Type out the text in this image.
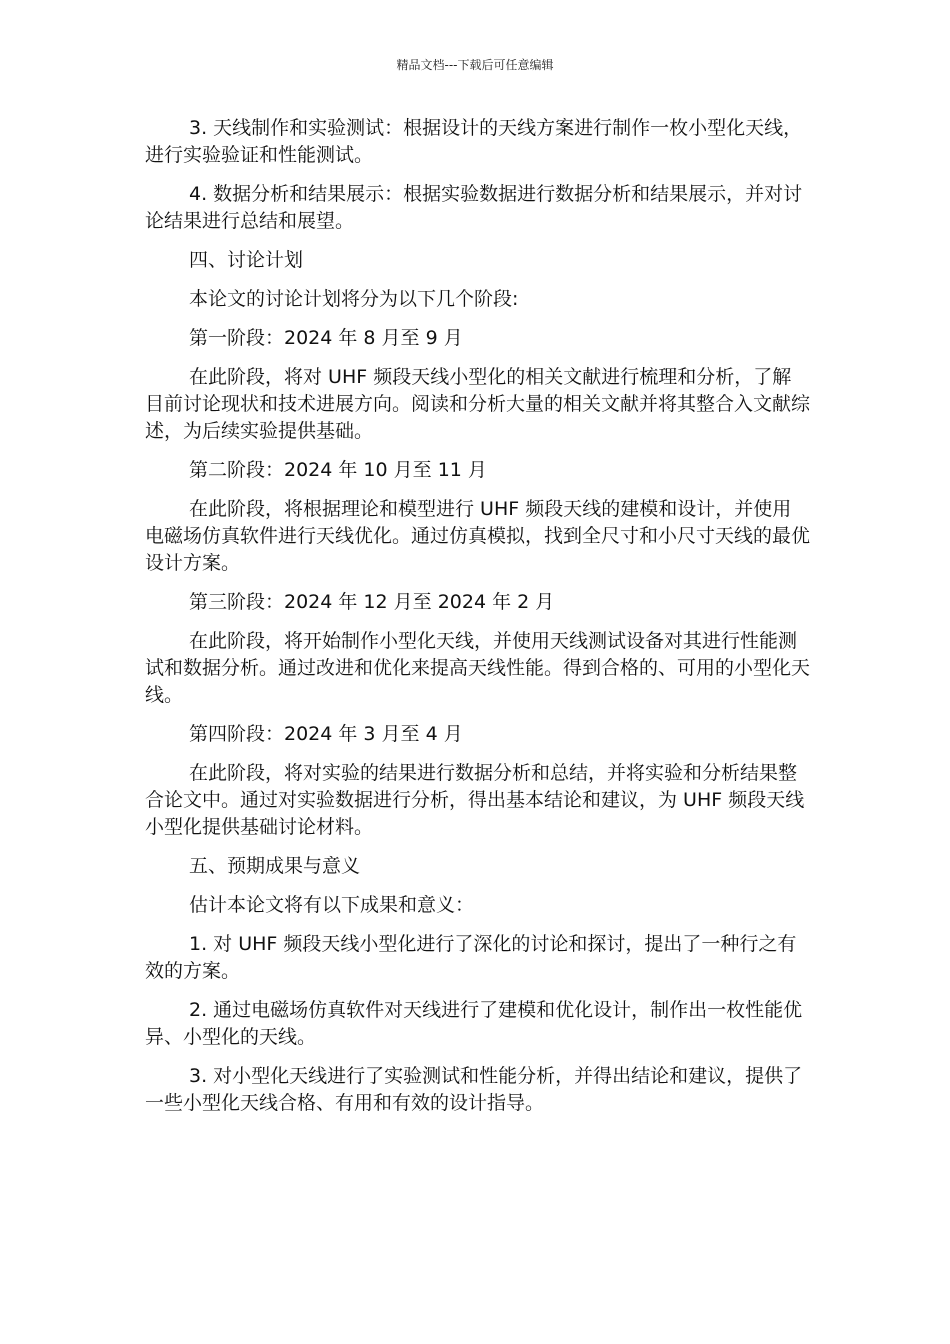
精品文档---下载后可任意编辑

3. 天线制作和实验测试：根据设计的天线方案进行制作一枚小型化天线，进行实验验证和性能测试。

4. 数据分析和结果展示：根据实验数据进行数据分析和结果展示，并对讨论结果进行总结和展望。

四、讨论计划

本论文的讨论计划将分为以下几个阶段:

第一阶段：2024 年 8 月至 9 月

在此阶段，将对 UHF 频段天线小型化的相关文献进行梳理和分析，了解目前讨论现状和技术进展方向。阅读和分析大量的相关文献并将其整合入文献综述，为后续实验提供基础。

第二阶段：2024 年 10 月至 11 月

在此阶段，将根据理论和模型进行 UHF 频段天线的建模和设计，并使用电磁场仿真软件进行天线优化。通过仿真模拟，找到全尺寸和小尺寸天线的最优设计方案。

第三阶段：2024 年 12 月至 2024 年 2 月

在此阶段，将开始制作小型化天线，并使用天线测试设备对其进行性能测试和数据分析。通过改进和优化来提高天线性能。得到合格的、可用的小型化天线。

第四阶段：2024 年 3 月至 4 月

在此阶段，将对实验的结果进行数据分析和总结，并将实验和分析结果整合论文中。通过对实验数据进行分析，得出基本结论和建议，为 UHF 频段天线小型化提供基础讨论材料。

五、预期成果与意义

估计本论文将有以下成果和意义：

1. 对 UHF 频段天线小型化进行了深化的讨论和探讨，提出了一种行之有效的方案。

2. 通过电磁场仿真软件对天线进行了建模和优化设计，制作出一枚性能优异、小型化的天线。

3. 对小型化天线进行了实验测试和性能分析，并得出结论和建议，提供了一些小型化天线合格、有用和有效的设计指导。
